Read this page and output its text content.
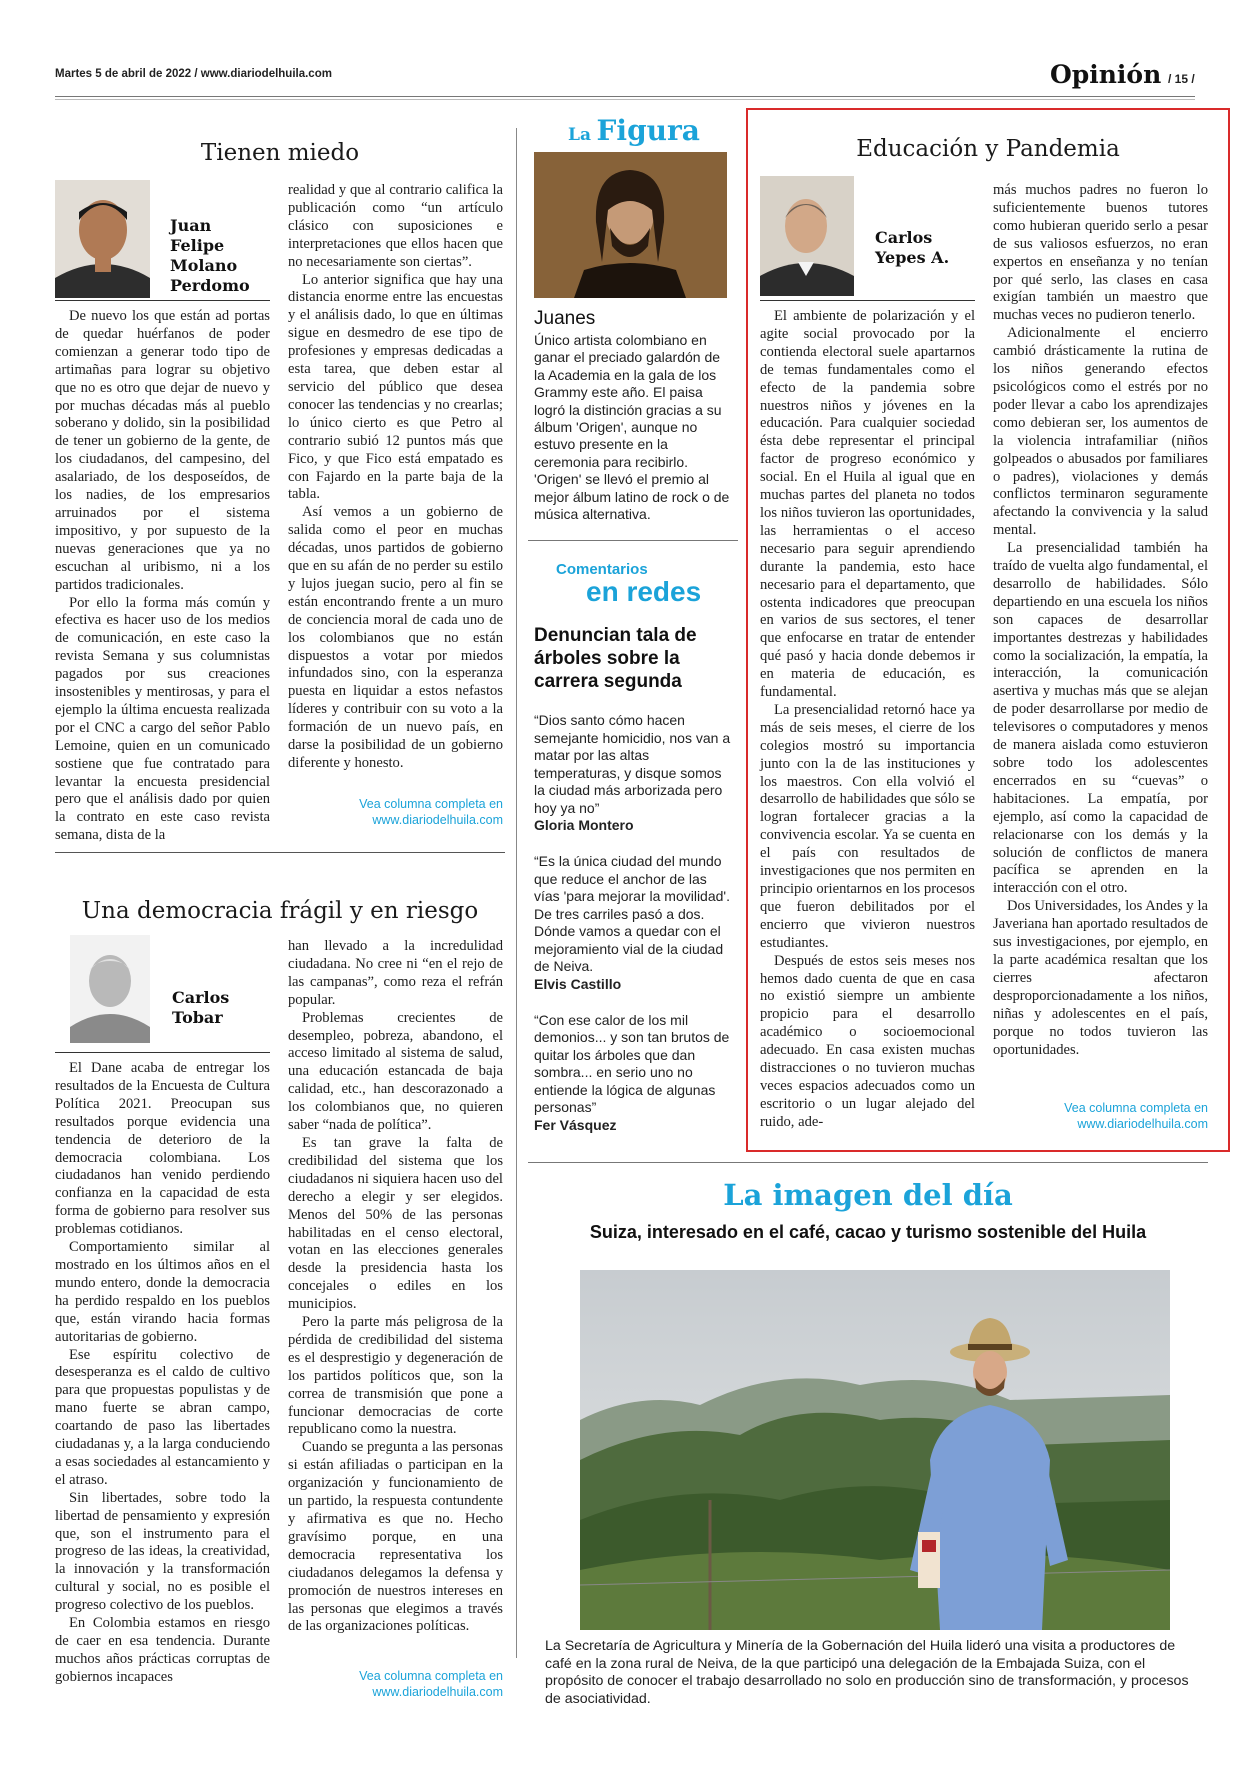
Martes 5 de abril de 2022 / www.diariodelhuila.com	Opinión / 15 /
Tienen miedo
Juan Felipe Molano Perdomo

De nuevo los que están ad portas de quedar huérfanos de poder comienzan a generar todo tipo de artimañas para lograr su objetivo que no es otro que dejar de nuevo y por muchas décadas más al pueblo soberano y dolido, sin la posibilidad de tener un gobierno de la gente, de los ciudadanos, del campesino, del asalariado, de los desposeídos, de los nadies, de los empresarios arruinados por el sistema impositivo, y por supuesto de la nuevas generaciones que ya no escuchan al uribismo, ni a los partidos tradicionales.

Por ello la forma más común y efectiva es hacer uso de los medios de comunicación, en este caso la revista Semana y sus columnistas pagados por sus creaciones insostenibles y mentirosas, y para el ejemplo la última encuesta realizada por el CNC a cargo del señor Pablo Lemoine, quien en un comunicado sostiene que fue contratado para levantar la encuesta presidencial pero que el análisis dado por quien la contrato en este caso revista semana, dista de la

realidad y que al contrario califica la publicación como “un artículo clásico con suposiciones e interpretaciones que ellos hacen que no necesariamente son ciertas”.

Lo anterior significa que hay una distancia enorme entre las encuestas y el análisis dado, lo que en últimas sigue en desmedro de ese tipo de profesiones y empresas dedicadas a esta tarea, que deben estar al servicio del público que desea conocer las tendencias y no crearlas; lo único cierto es que Petro al contrario subió 12 puntos más que Fico, y que Fico está empatado es con Fajardo en la parte baja de la tabla.

Así vemos a un gobierno de salida como el peor en muchas décadas, unos partidos de gobierno que en su afán de no perder su estilo y lujos juegan sucio, pero al fin se están encontrando frente a un muro de conciencia moral de cada uno de los colombianos que no están dispuestos a votar por miedos infundados sino, con la esperanza puesta en liquidar a estos nefastos líderes y contribuir con su voto a la formación de un nuevo país, en darse la posibilidad de un gobierno diferente y honesto.

Vea columna completa en
www.diariodelhuila.com
Una democracia frágil y en riesgo
Carlos Tobar

El Dane acaba de entregar los resultados de la Encuesta de Cultura Política 2021. Preocupan sus resultados porque evidencia una tendencia de deterioro de la democracia colombiana. Los ciudadanos han venido perdiendo confianza en la capacidad de esta forma de gobierno para resolver sus problemas cotidianos.

Comportamiento similar al mostrado en los últimos años en el mundo entero, donde la democracia ha perdido respaldo en los pueblos que, están virando hacia formas autoritarias de gobierno.

Ese espíritu colectivo de desesperanza es el caldo de cultivo para que propuestas populistas y de mano fuerte se abran campo, coartando de paso las libertades ciudadanas y, a la larga conduciendo a esas sociedades al estancamiento y el atraso.

Sin libertades, sobre todo la libertad de pensamiento y expresión que, son el instrumento para el progreso de las ideas, la creatividad, la innovación y la transformación cultural y social, no es posible el progreso colectivo de los pueblos.

En Colombia estamos en riesgo de caer en esa tendencia. Durante muchos años prácticas corruptas de gobiernos incapaces

han llevado a la incredulidad ciudadana. No cree ni “en el rejo de las campanas”, como reza el refrán popular.

Problemas crecientes de desempleo, pobreza, abandono, el acceso limitado al sistema de salud, una educación estancada de baja calidad, etc., han descorazonado a los colombianos que, no quieren saber “nada de política”.

Es tan grave la falta de credibilidad del sistema que los ciudadanos ni siquiera hacen uso del derecho a elegir y ser elegidos. Menos del 50% de las personas habilitadas en el censo electoral, votan en las elecciones generales desde la presidencia hasta los concejales o ediles en los municipios.

Pero la parte más peligrosa de la pérdida de credibilidad del sistema es el desprestigio y degeneración de los partidos políticos que, son la correa de transmisión que pone a funcionar democracias de corte republicano como la nuestra.

Cuando se pregunta a las personas si están afiliadas o participan en la organización y funcionamiento de un partido, la respuesta contundente y afirmativa es que no. Hecho gravísimo porque, en una democracia representativa los ciudadanos delegamos la defensa y promoción de nuestros intereses en las personas que elegimos a través de las organizaciones políticas.

Vea columna completa en
www.diariodelhuila.com
La Figura
Juanes
Único artista colombiano en ganar el preciado galardón de la Academia en la gala de los Grammy este año. El paisa logró la distinción gracias a su álbum 'Origen', aunque no estuvo presente en la ceremonia para recibirlo. 'Origen' se llevó el premio al mejor álbum latino de rock o de música alternativa.
Comentarios
en redes
Denuncian tala de árboles sobre la carrera segunda

“Dios santo cómo hacen semejante homicidio, nos van a matar por las altas temperaturas, y disque somos la ciudad más arborizada pero hoy ya no”

Gloria Montero

“Es la única ciudad del mundo que reduce el anchor de las vías 'para mejorar la movilidad'. De tres carriles pasó a dos. Dónde vamos a quedar con el mejoramiento vial de la ciudad de Neiva.

Elvis Castillo

“Con ese calor de los mil demonios... y son tan brutos de quitar los árboles que dan sombra... en serio uno no entiende la lógica de algunas personas”

Fer Vásquez
Educación y Pandemia
Carlos Yepes A.

El ambiente de polarización y el agite social provocado por la contienda electoral suele apartarnos de temas fundamentales como el efecto de la pandemia sobre nuestros niños y jóvenes en la educación. Para cualquier sociedad ésta debe representar el principal factor de progreso económico y social. En el Huila al igual que en muchas partes del planeta no todos los niños tuvieron las oportunidades, las herramientas o el acceso necesario para seguir aprendiendo durante la pandemia, esto hace necesario para el departamento, que ostenta indicadores que preocupan en varios de sus sectores, el tener que enfocarse en tratar de entender qué pasó y hacia donde debemos ir en materia de educación, es fundamental.

La presencialidad retornó hace ya más de seis meses, el cierre de los colegios mostró su importancia junto con la de las instituciones y los maestros. Con ella volvió el desarrollo de habilidades que sólo se logran fortalecer gracias a la convivencia escolar. Ya se cuenta en el país con resultados de investigaciones que nos permiten en principio orientarnos en los procesos que fueron debilitados por el encierro que vivieron nuestros estudiantes.

Después de estos seis meses nos hemos dado cuenta de que en casa no existió siempre un ambiente propicio para el desarrollo académico o socioemocional adecuado. En casa existen muchas distracciones o no tuvieron muchas veces espacios adecuados como un escritorio o un lugar alejado del ruido, ade-

más muchos padres no fueron lo suficientemente buenos tutores como hubieran querido serlo a pesar de sus valiosos esfuerzos, no eran expertos en enseñanza y no tenían por qué serlo, las clases en casa exigían también un maestro que muchas veces no pudieron tenerlo.

Adicionalmente el encierro cambió drásticamente la rutina de los niños generando efectos psicológicos como el estrés por no poder llevar a cabo los aprendizajes como debieran ser, los aumentos de la violencia intrafamiliar (niños golpeados o abusados por familiares o padres), violaciones y demás conflictos terminaron seguramente afectando la convivencia y la salud mental.

La presencialidad también ha traído de vuelta algo fundamental, el desarrollo de habilidades. Sólo departiendo en una escuela los niños son capaces de desarrollar importantes destrezas y habilidades como la socialización, la empatía, la interacción, la comunicación asertiva y muchas más que se alejan de poder desarrollarse por medio de televisores o computadores y menos de manera aislada como estuvieron sobre todo los adolescentes encerrados en su “cuevas” o habitaciones. La empatía, por ejemplo, así como la capacidad de relacionarse con los demás y la solución de conflictos de manera pacífica se aprenden en la interacción con el otro.

Dos Universidades, los Andes y la Javeriana han aportado resultados de sus investigaciones, por ejemplo, en la parte académica resaltan que los cierres afectaron desproporcionadamente a los niños, niñas y adolescentes en el país, porque no todos tuvieron las oportunidades.

Vea columna completa en
www.diariodelhuila.com
La imagen del día
Suiza, interesado en el café, cacao y turismo sostenible del Huila
La Secretaría de Agricultura y Minería de la Gobernación del Huila lideró una visita a productores de café en la zona rural de Neiva, de la que participó una delegación de la Embajada Suiza, con el propósito de conocer el trabajo desarrollado no solo en producción sino de transformación, y procesos de asociatividad.
